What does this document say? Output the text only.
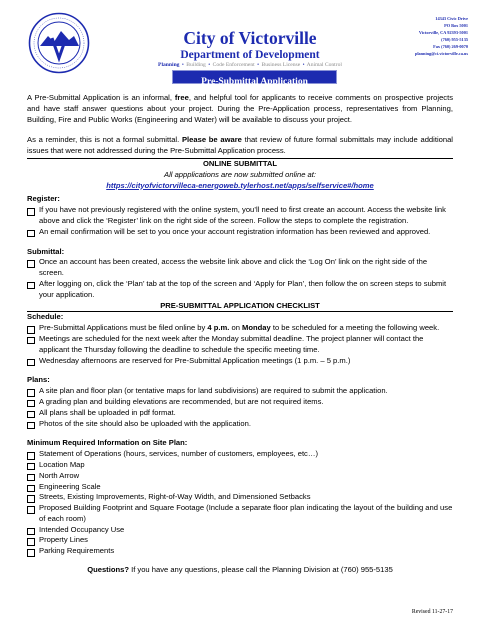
City of Victorville
Department of Development
Planning • Building • Code Enforcement • Business License • Animal Control
Pre-Submittal Application
14343 Civic Drive
PO Box 5001
Victorville, CA 92393-5001
(760) 955-5135
Fax (760) 269-0070
planning@ci.victorville.ca.us

A Pre-Submittal Application is an informal, free, and helpful tool for applicants to receive comments on prospective projects and have staff answer questions about your project. During the Pre-Application process, representatives from Planning, Building, Fire and Public Works (Engineering and Water) will be available to discuss your project.

As a reminder, this is not a formal submittal. Please be aware that review of future formal submittals may include additional issues that were not addressed during the Pre-Submittal Application process.

ONLINE SUBMITTAL

All appplications are now submitted online at:

https://cityofvictorvilleca-energoweb.tylerhost.net/apps/selfservice#/home

Register:

If you have not previously registered with the online system, you’ll need to first create an account. Access the website link above and click the ‘Register’ link on the right side of the screen. Follow the steps to complete the registration.
An email confirmation will be set to you once your account registration information has been reviewed and approved.

Submittal:

Once an account has been created, access the website link above and click the ‘Log On’ link on the right side of the screen.
After logging on, click the ‘Plan’ tab at the top of the screen and ‘Apply for Plan’, then follow the on screen steps to submit your application.

PRE-SUBMITTAL APPLICATION CHECKLIST

Schedule:

Pre-Submittal Applications must be filed online by 4 p.m. on Monday to be scheduled for a meeting the following week.
Meetings are scheduled for the next week after the Monday submittal deadline. The project planner will contact the applicant the Thursday following the deadline to schedule the specific meeting time.
Wednesday afternoons are reserved for Pre-Submittal Application meetings (1 p.m. – 5 p.m.)

Plans:

A site plan and floor plan (or tentative maps for land subdivisions) are required to submit the application.
A grading plan and building elevations are recommended, but are not required items.
All plans shall be uploaded in pdf format.
Photos of the site should also be uploaded with the application.

Minimum Required Information on Site Plan:

Statement of Operations (hours, services, number of customers, employees, etc…)
Location Map
North Arrow
Engineering Scale
Streets, Existing Improvements, Right-of-Way Width, and Dimensioned Setbacks
Proposed Building Footprint and Square Footage (Include a separate floor plan indicating the layout of the building and use of each room)
Intended Occupancy Use
Property Lines
Parking Requirements

Questions? If you have any questions, please call the Planning Division at (760) 955-5135

Revised 11-27-17
